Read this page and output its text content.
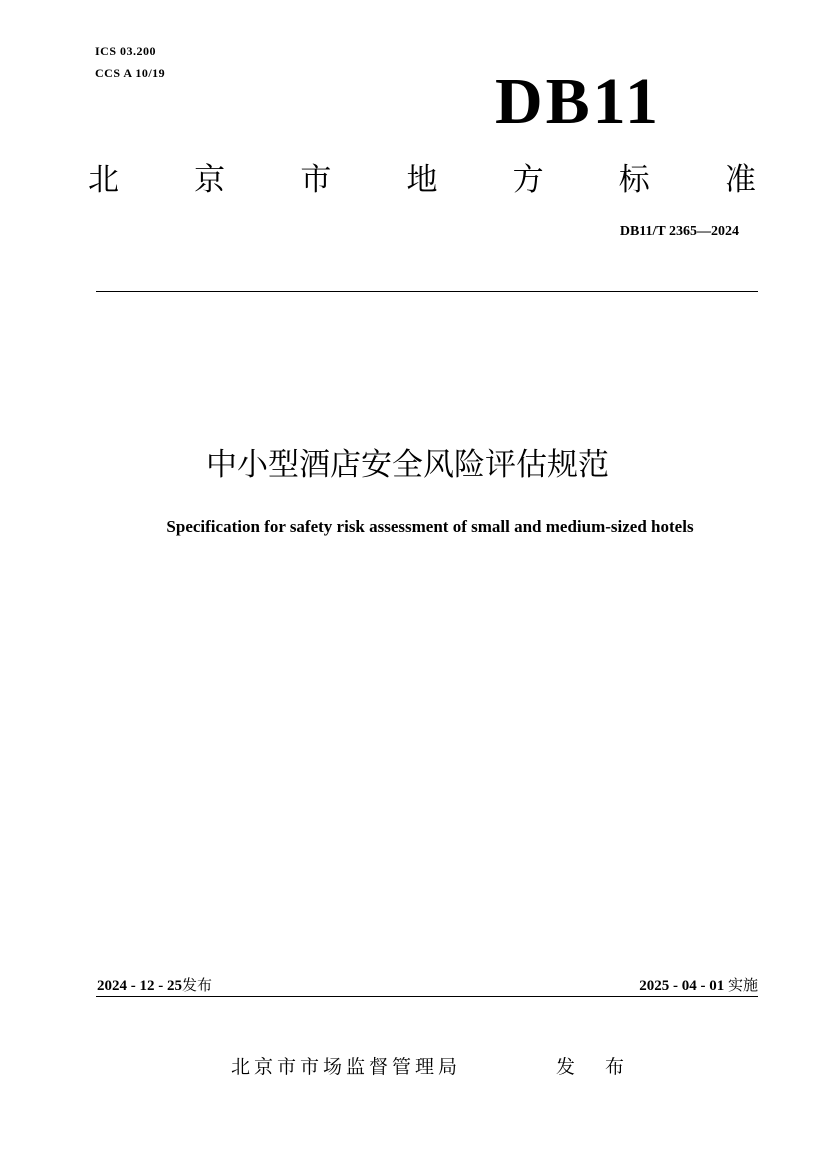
ICS 03.200
CCS A 10/19	DB11
北 京 市 地 方 标 准
DB11/T 2365—2024
中小型酒店安全风险评估规范
Specification for safety risk assessment of small and medium-sized hotels
2024 - 12 - 25发布	2025 - 04 - 01 实施
北京市市场监督管理局	发 布
